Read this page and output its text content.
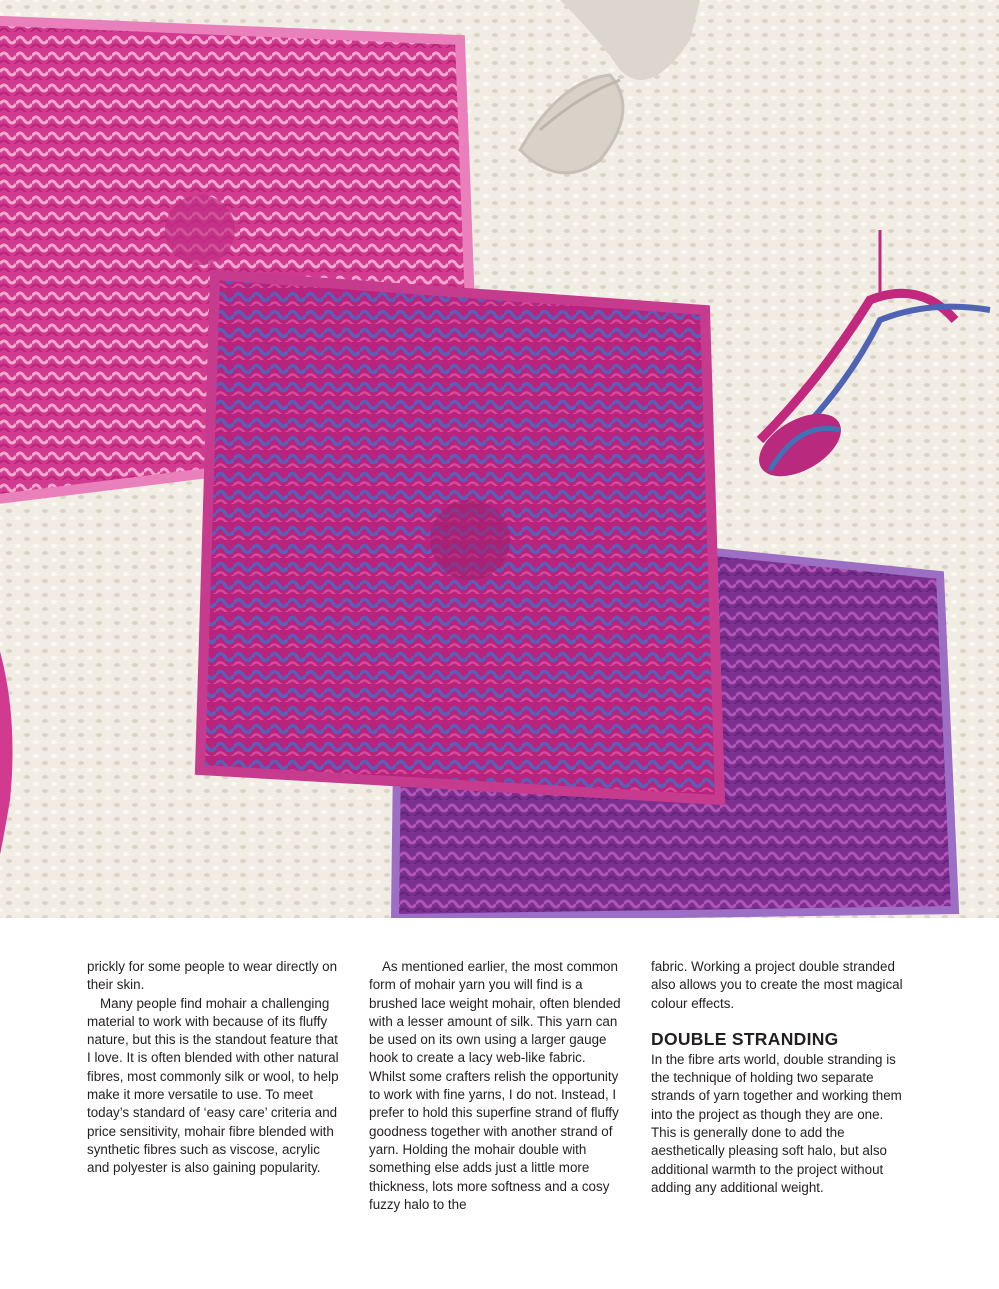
prickly for some people to wear directly on their skin.

Many people find mohair a challenging material to work with because of its fluffy nature, but this is the standout feature that I love. It is often blended with other natural fibres, most commonly silk or wool, to help make it more versatile to use. To meet today’s standard of ‘easy care’ criteria and price sensitivity, mohair fibre blended with synthetic fibres such as viscose, acrylic and polyester is also gaining popularity.

As mentioned earlier, the most common form of mohair yarn you will find is a brushed lace weight mohair, often blended with a lesser amount of silk. This yarn can be used on its own using a larger gauge hook to create a lacy web-like fabric. Whilst some crafters relish the opportunity to work with fine yarns, I do not. Instead, I prefer to hold this superfine strand of fluffy goodness together with another strand of yarn. Holding the mohair double with something else adds just a little more thickness, lots more softness and a cosy fuzzy halo to the

fabric. Working a project double stranded also allows you to create the most magical colour effects.

DOUBLE STRANDING

In the fibre arts world, double stranding is the technique of holding two separate strands of yarn together and working them into the project as though they are one. This is generally done to add the aesthetically pleasing soft halo, but also additional warmth to the project without adding any additional weight.
